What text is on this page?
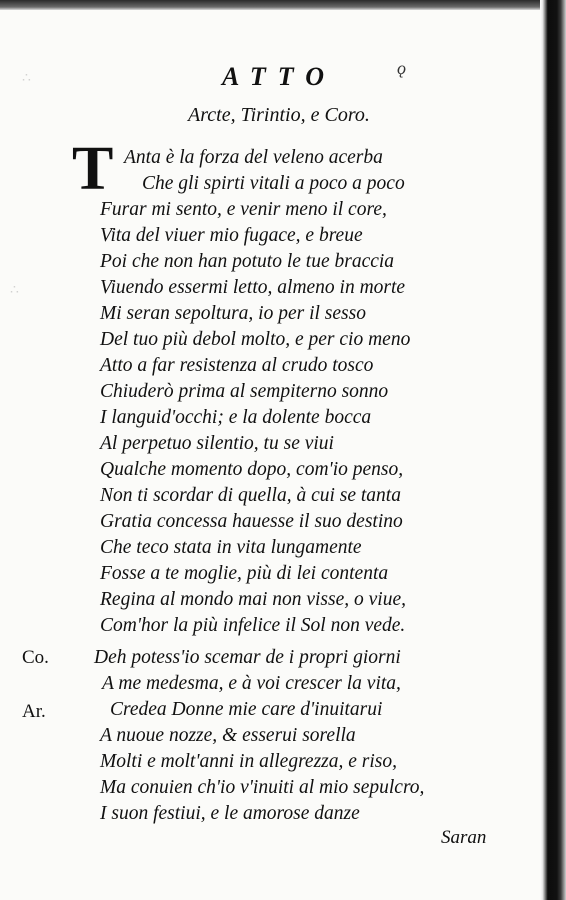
∴
∴
ATTO	ǫ
Arcte, Tirintio, e Coro.
T Anta è la forza del veleno acerba
Che gli spirti vitali a poco a poco
Furar mi sento, e venir meno il core,
Vita del viuer mio fugace, e breue
Poi che non han potuto le tue braccia
Viuendo essermi letto, almeno in morte
Mi seran sepoltura, io per il sesso
Del tuo più debol molto, e per cio meno
Atto a far resistenza al crudo tosco
Chiuderò prima al sempiterno sonno
I languid'occhi; e la dolente bocca
Al perpetuo silentio, tu se viui
Qualche momento dopo, com'io penso,
Non ti scordar di quella, à cui se tanta
Gratia concessa hauesse il suo destino
Che teco stata in vita lungamente
Fosse a te moglie, più di lei contenta
Regina al mondo mai non visse, o viue,
Com'hor la più infelice il Sol non vede.
Co. Deh potess'io scemar de i propri giorni
A me medesma, e à voi crescer la vita,
Ar.	Credea Donne mie care d'inuitarui
A nuoue nozze, & esserui sorella
Molti e molt'anni in allegrezza, e riso,
Ma conuien ch'io v'inuiti al mio sepulcro,
I suon festiui, e le amorose danze
Saran
